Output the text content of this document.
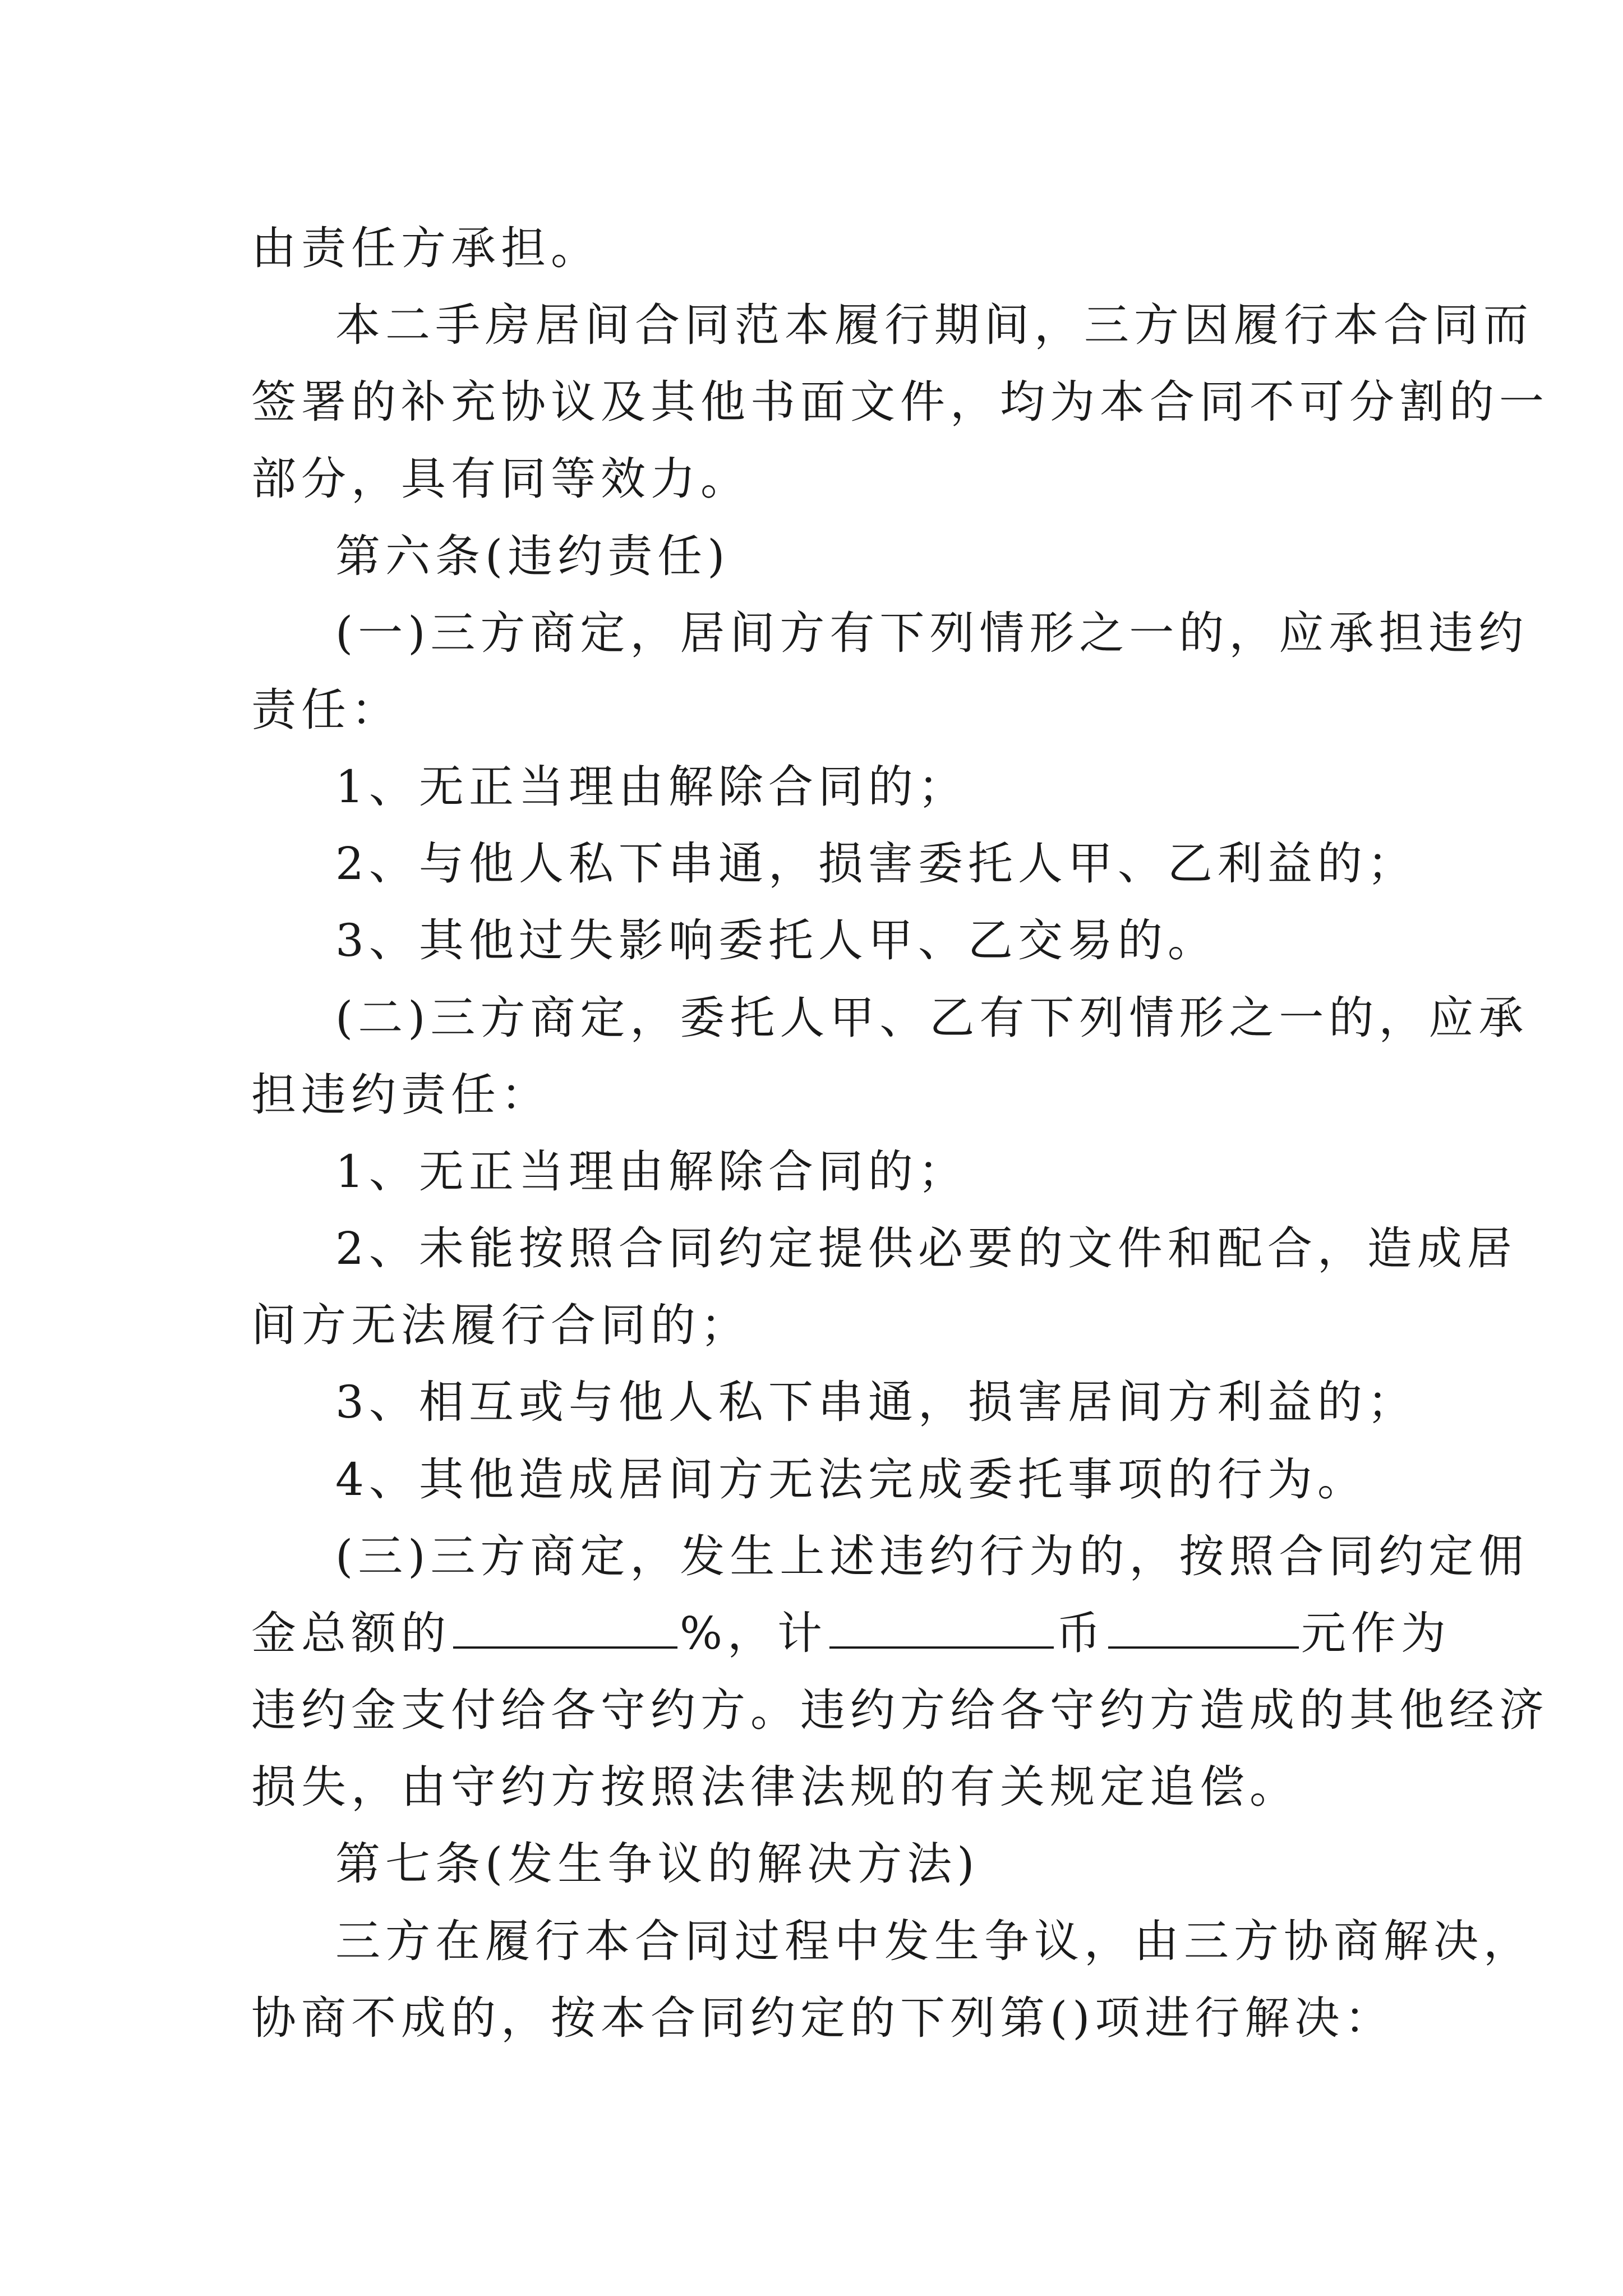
由责任方承担。
本二手房居间合同范本履行期间，三方因履行本合同而
签署的补充协议及其他书面文件，均为本合同不可分割的一
部分，具有同等效力。
第六条(违约责任)
(一)三方商定，居间方有下列情形之一的，应承担违约
责任：
1、无正当理由解除合同的；
2、与他人私下串通，损害委托人甲、乙利益的；
3、其他过失影响委托人甲、乙交易的。
(二)三方商定，委托人甲、乙有下列情形之一的，应承
担违约责任：
1、无正当理由解除合同的；
2、未能按照合同约定提供必要的文件和配合，造成居
间方无法履行合同的；
3、相互或与他人私下串通，损害居间方利益的；
4、其他造成居间方无法完成委托事项的行为。
(三)三方商定，发生上述违约行为的，按照合同约定佣
金总额的	%，计	币	元作为
违约金支付给各守约方。违约方给各守约方造成的其他经济
损失，由守约方按照法律法规的有关规定追偿。
第七条(发生争议的解决方法)
三方在履行本合同过程中发生争议，由三方协商解决，
协商不成的，按本合同约定的下列第()项进行解决：
